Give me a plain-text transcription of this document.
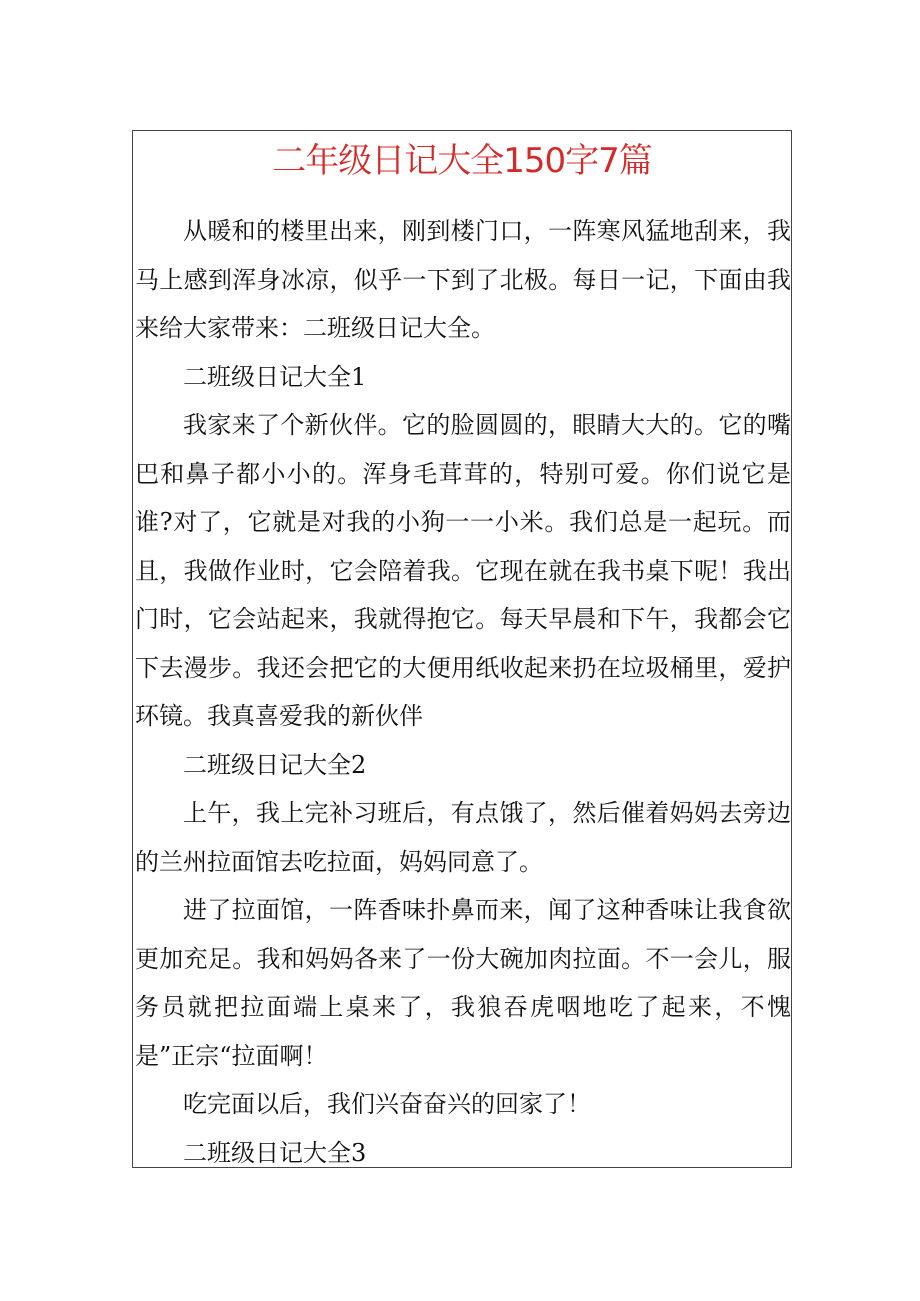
二年级日记大全150字7篇

从暖和的楼里出来，刚到楼门口，一阵寒风猛地刮来，我马上感到浑身冰凉，似乎一下到了北极。每日一记，下面由我来给大家带来：二班级日记大全。

二班级日记大全1

我家来了个新伙伴。它的脸圆圆的，眼睛大大的。它的嘴巴和鼻子都小小的。浑身毛茸茸的，特别可爱。你们说它是谁?对了，它就是对我的小狗一一小米。我们总是一起玩。而且，我做作业时，它会陪着我。它现在就在我书桌下呢！我出门时，它会站起来，我就得抱它。每天早晨和下午，我都会它下去漫步。我还会把它的大便用纸收起来扔在垃圾桶里，爱护环镜。我真喜爱我的新伙伴

二班级日记大全2

上午，我上完补习班后，有点饿了，然后催着妈妈去旁边的兰州拉面馆去吃拉面，妈妈同意了。

进了拉面馆，一阵香味扑鼻而来，闻了这种香味让我食欲更加充足。我和妈妈各来了一份大碗加肉拉面。不一会儿，服务员就把拉面端上桌来了，我狼吞虎咽地吃了起来，不愧是”正宗“拉面啊！

吃完面以后，我们兴奋奋兴的回家了！

二班级日记大全3
